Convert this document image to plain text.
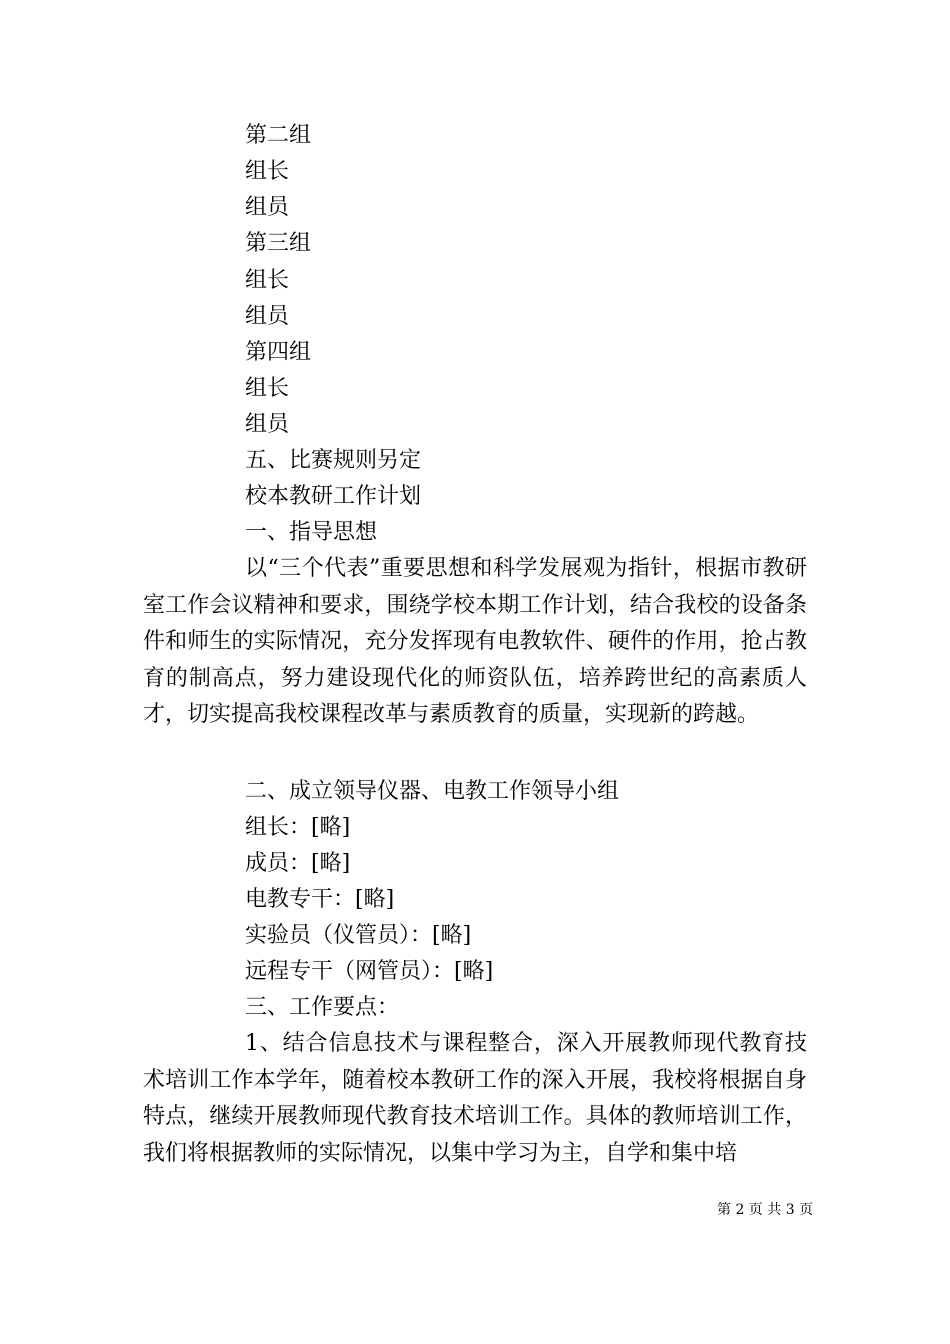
第二组
组长
组员
第三组
组长
组员
第四组
组长
组员
五、比赛规则另定
校本教研工作计划
一、指导思想

以“三个代表”重要思想和科学发展观为指针，根据市教研室工作会议精神和要求，围绕学校本期工作计划，结合我校的设备条件和师生的实际情况，充分发挥现有电教软件、硬件的作用，抢占教育的制高点，努力建设现代化的师资队伍，培养跨世纪的高素质人才，切实提高我校课程改革与素质教育的质量，实现新的跨越。

二、成立领导仪器、电教工作领导小组
组长：[略]
成员：[略]
电教专干：[略]
实验员（仪管员）：[略]
远程专干（网管员）：[略]
三、工作要点：

1、结合信息技术与课程整合，深入开展教师现代教育技术培训工作本学年，随着校本教研工作的深入开展，我校将根据自身特点，继续开展教师现代教育技术培训工作。具体的教师培训工作，我们将根据教师的实际情况，以集中学习为主，自学和集中培

第 2 页 共 3 页
